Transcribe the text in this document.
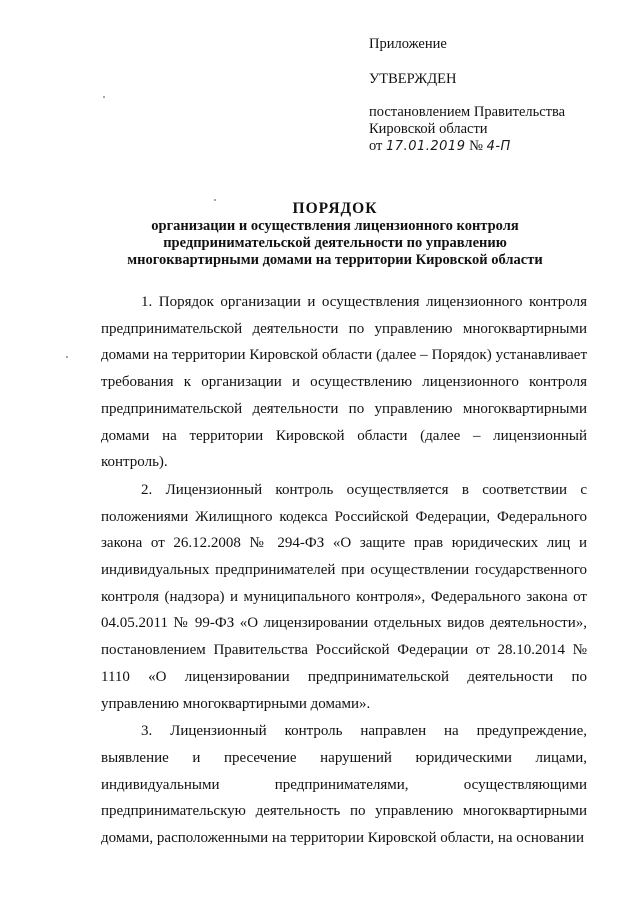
Приложение
УТВЕРЖДЕН
постановлением Правительства
Кировской области
от 17.01.2019 № 4-П
ПОРЯДОК
организации и осуществления лицензионного контроля
предпринимательской деятельности по управлению
многоквартирными домами на территории Кировской области

1. Порядок организации и осуществления лицензионного контроля предпринимательской деятельности по управлению многоквартирными домами на территории Кировской области (далее – Порядок) устанавливает требования к организации и осуществлению лицензионного контроля предпринимательской деятельности по управлению многоквартирными домами на территории Кировской области (далее – лицензионный контроль).

2. Лицензионный контроль осуществляется в соответствии с положениями Жилищного кодекса Российской Федерации, Федерального закона от 26.12.2008 № 294-ФЗ «О защите прав юридических лиц и индивидуальных предпринимателей при осуществлении государственного контроля (надзора) и муниципального контроля», Федерального закона от 04.05.2011 № 99-ФЗ «О лицензировании отдельных видов деятельности», постановлением Правительства Российской Федерации от 28.10.2014 № 1110 «О лицензировании предпринимательской деятельности по управлению многоквартирными домами».

3. Лицензионный контроль направлен на предупреждение, выявление и пресечение нарушений юридическими лицами, индивидуальными предпринимателями, осуществляющими предпринимательскую деятельность по управлению многоквартирными домами, расположенными на территории Кировской области, на основании
